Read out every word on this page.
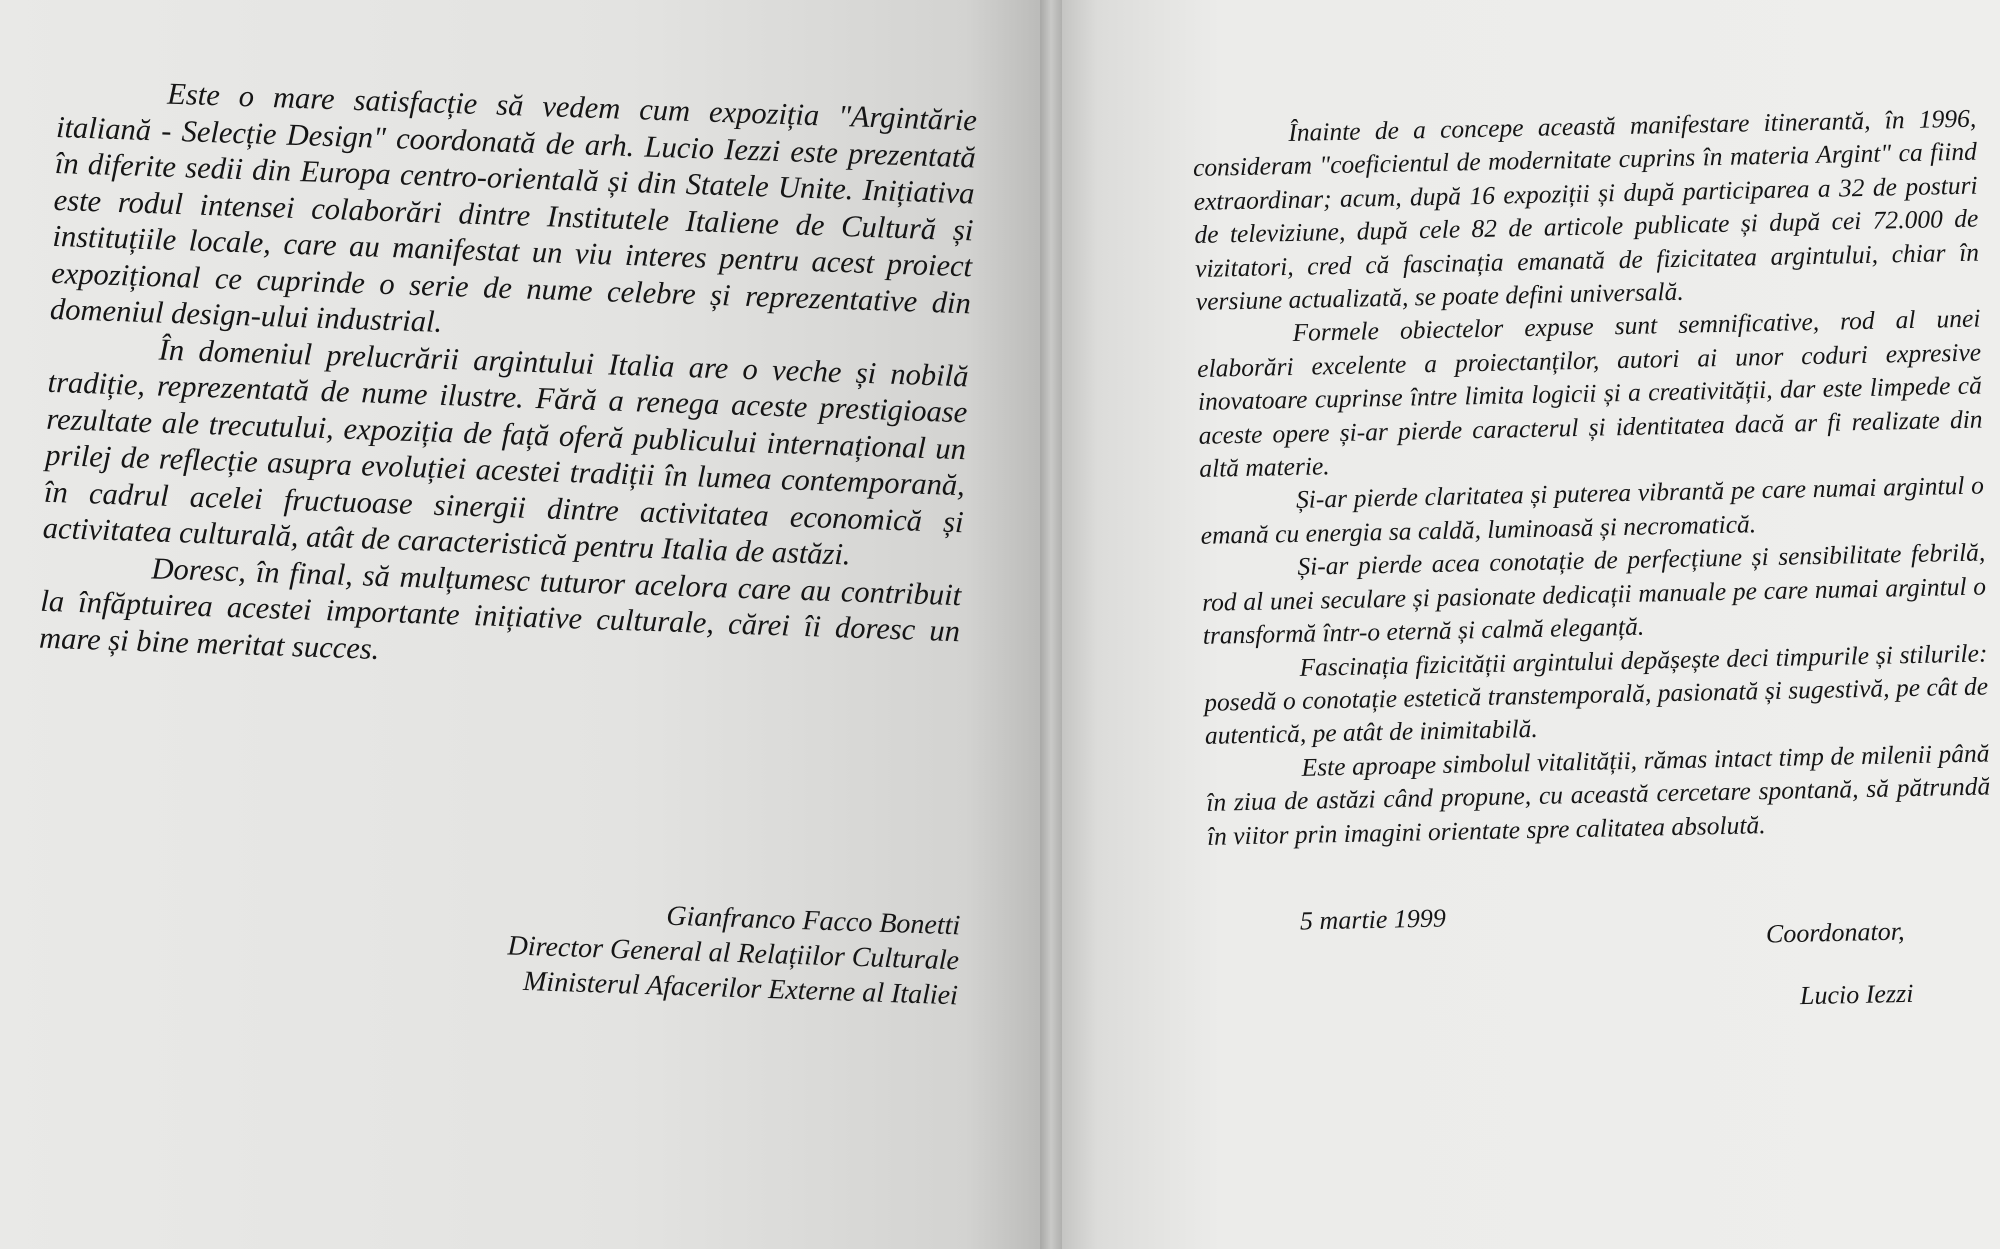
Este o mare satisfacție să vedem cum expoziția "Argintărie italiană - Selecție Design" coordonată de arh. Lucio Iezzi este prezentată în diferite sedii din Europa centro-orientală și din Statele Unite. Inițiativa este rodul intensei colaborări dintre Institutele Italiene de Cultură și instituțiile locale, care au manifestat un viu interes pentru acest proiect expozițional ce cuprinde o serie de nume celebre și reprezentative din domeniul design-ului industrial.

În domeniul prelucrării argintului Italia are o veche și nobilă tradiție, reprezentată de nume ilustre. Fără a renega aceste prestigioase rezultate ale trecutului, expoziția de față oferă publicului internațional un prilej de reflecție asupra evoluției acestei tradiții în lumea contemporană, în cadrul acelei fructuoase sinergii dintre activitatea economică și activitatea culturală, atât de caracteristică pentru Italia de astăzi.

Doresc, în final, să mulțumesc tuturor acelora care au contribuit la înfăptuirea acestei importante inițiative culturale, cărei îi doresc un mare și bine meritat succes.

Gianfranco Facco Bonetti
Director General al Relațiilor Culturale
Ministerul Afacerilor Externe al Italiei

Înainte de a concepe această manifestare itinerantă, în 1996, consideram "coeficientul de modernitate cuprins în materia Argint" ca fiind extraordinar; acum, după 16 expoziții și după participarea a 32 de posturi de televiziune, după cele 82 de articole publicate și după cei 72.000 de vizitatori, cred că fascinația emanată de fizicitatea argintului, chiar în versiune actualizată, se poate defini universală.

Formele obiectelor expuse sunt semnificative, rod al unei elaborări excelente a proiectanților, autori ai unor coduri expresive inovatoare cuprinse între limita logicii și a creativității, dar este limpede că aceste opere și-ar pierde caracterul și identitatea dacă ar fi realizate din altă materie.

Și-ar pierde claritatea și puterea vibrantă pe care numai argintul o emană cu energia sa caldă, luminoasă și necromatică.

Și-ar pierde acea conotație de perfecțiune și sensibilitate febrilă, rod al unei seculare și pasionate dedicații manuale pe care numai argintul o transformă într-o eternă și calmă eleganță.

Fascinația fizicității argintului depășește deci timpurile și stilurile: posedă o conotație estetică transtemporală, pasionată și sugestivă, pe cât de autentică, pe atât de inimitabilă.

Este aproape simbolul vitalității, rămas intact timp de milenii până în ziua de astăzi când propune, cu această cercetare spontană, să pătrundă în viitor prin imagini orientate spre calitatea absolută.

5 martie 1999	Coordonator,
Lucio Iezzi
